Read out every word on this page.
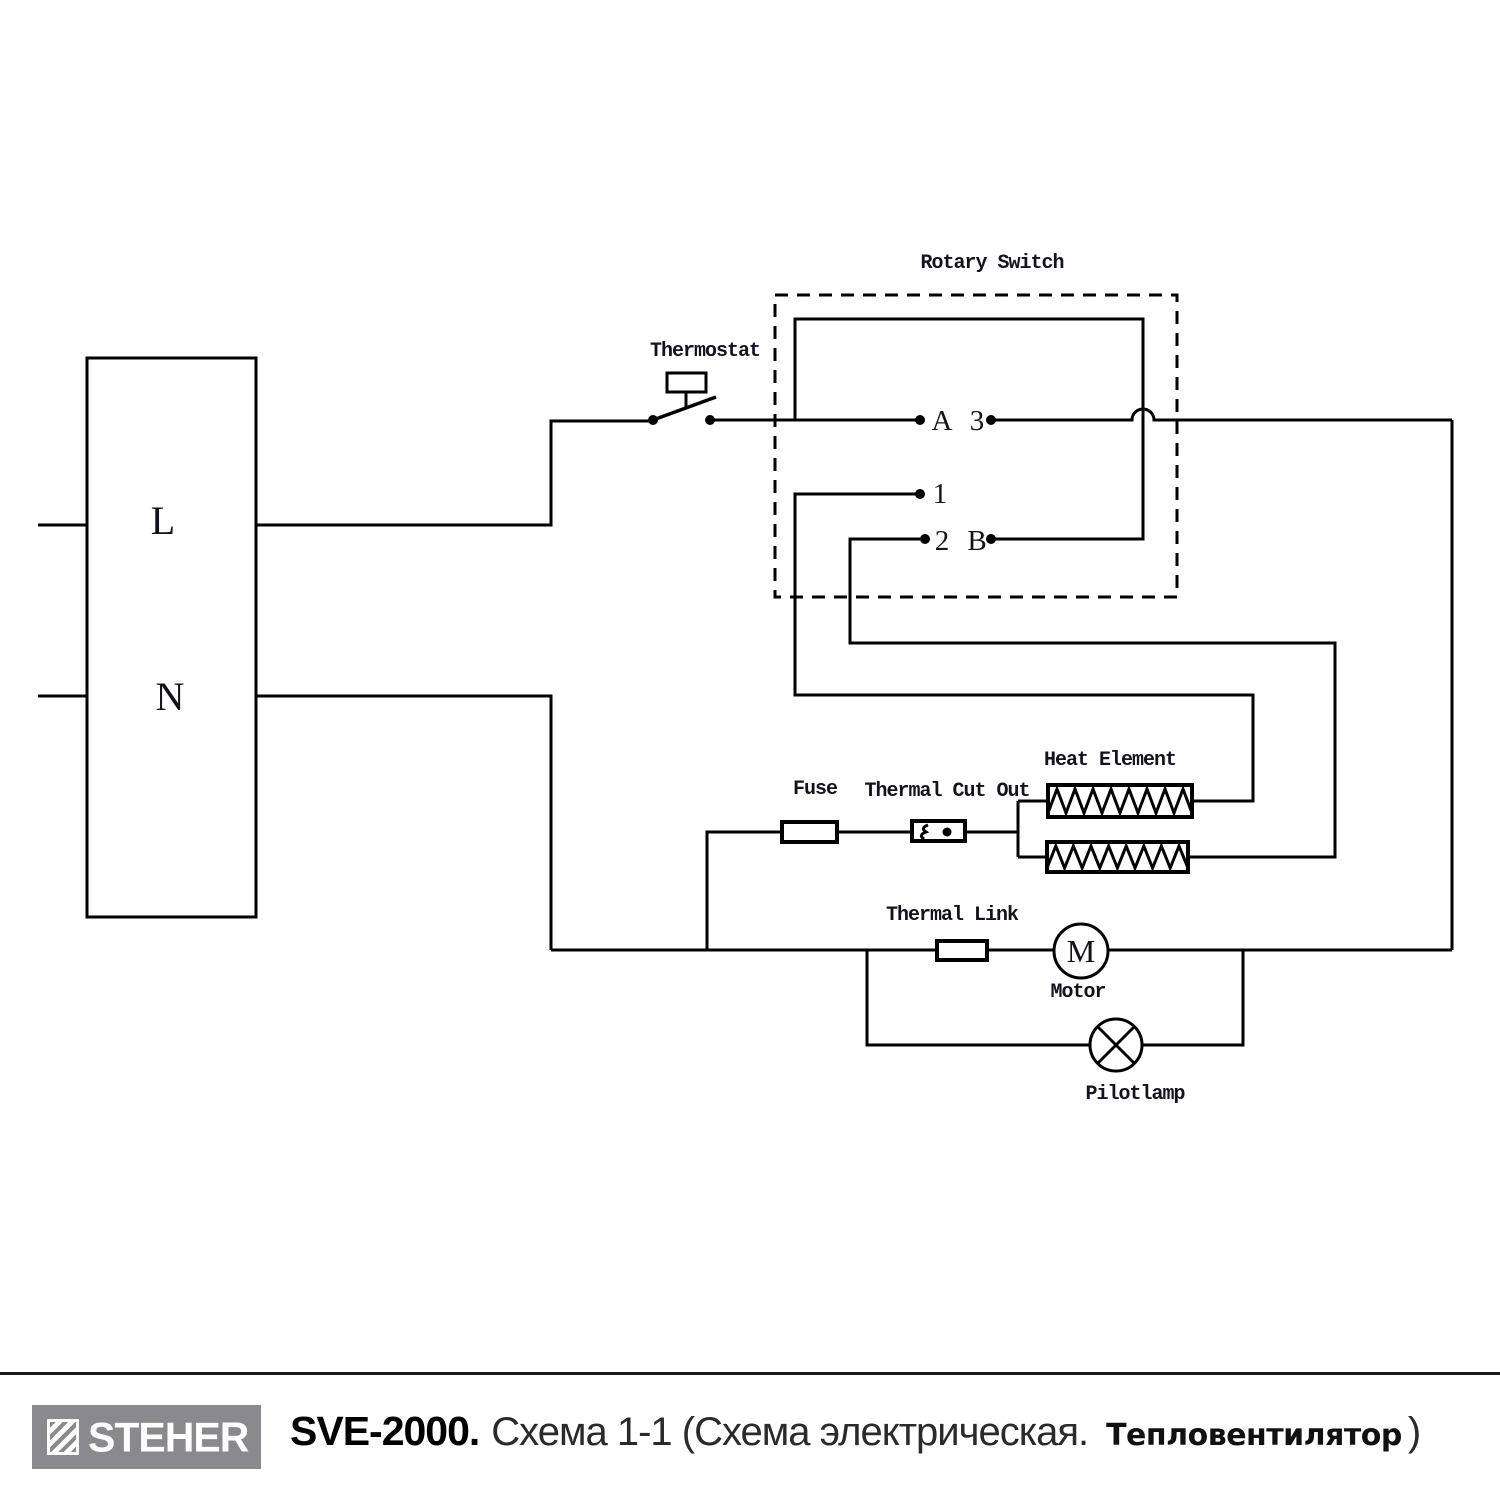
L
N
Thermostat
Rotary Switch
A 3
1
2 B
Fuse Thermal Cut Out
Heat Element
Thermal Link
M
Motor
Pilotlamp
STEHER SVE-2000. Схема 1-1 (Схема электрическая. Тепловентилятор )
